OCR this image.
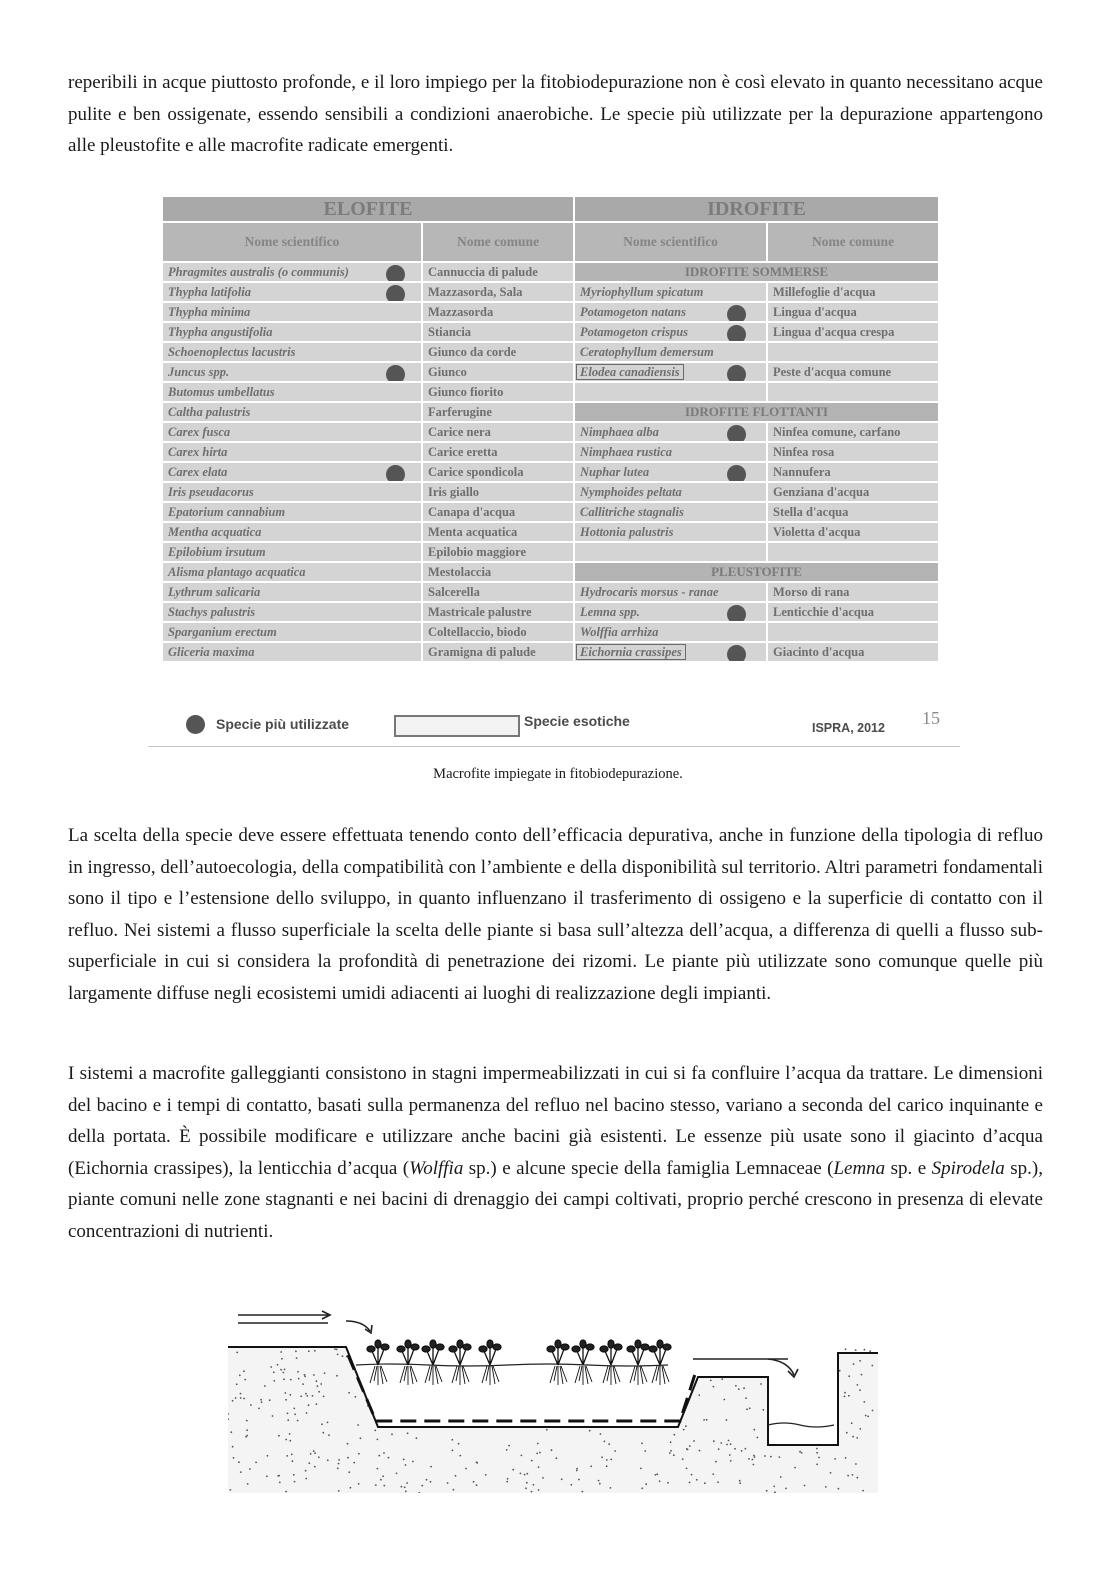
reperibili in acque piuttosto profonde, e il loro impiego per la fitobiodepurazione non è così elevato in quanto necessitano acque pulite e ben ossigenate, essendo sensibili a condizioni anaerobiche. Le specie più utilizzate per la depurazione appartengono alle pleustofite e alle macrofite radicate emergenti.

ELOFITE		IDROFITE	
Nome scientifico	Nome comune	Nome scientifico	Nome comune
Phragmites australis (o communis)	Cannuccia di palude	IDROFITE SOMMERSE	
Thypha latifolia	Mazzasorda, Sala	Myriophyllum spicatum	Millefoglie d'acqua
Thypha minima	Mazzasorda	Potamogeton natans	Lingua d'acqua
Thypha angustifolia	Stiancia	Potamogeton crispus	Lingua d'acqua crespa
Schoenoplectus lacustris	Giunco da corde	Ceratophyllum demersum	
Juncus spp.	Giunco	Elodea canadiensis	Peste d'acqua comune
Butomus umbellatus	Giunco fiorito		
Caltha palustris	Farferugine	IDROFITE FLOTTANTI	
Carex fusca	Carice nera	Nimphaea alba	Ninfea comune, carfano
Carex hirta	Carice eretta	Nimphaea rustica	Ninfea rosa
Carex elata	Carice spondicola	Nuphar lutea	Nannufera
Iris pseudacorus	Iris giallo	Nymphoides peltata	Genziana d'acqua
Epatorium cannabium	Canapa d'acqua	Callitriche stagnalis	Stella d'acqua
Mentha acquatica	Menta acquatica	Hottonia palustris	Violetta d'acqua
Epilobium irsutum	Epilobio maggiore		
Alisma plantago acquatica	Mestolaccia	PLEUSTOFITE	
Lythrum salicaria	Salcerella	Hydrocaris morsus - ranae	Morso di rana
Stachys palustris	Mastricale palustre	Lemna spp.	Lenticchie d'acqua
Sparganium erectum	Coltellaccio, biodo	Wolffia arrhiza	
Gliceria maxima	Gramigna di palude	Eichornia crassipes	Giacinto d'acqua
Specie più utilizzate	Specie esotiche	ISPRA, 2012 15
Macrofite impiegate in fitobiodepurazione.

La scelta della specie deve essere effettuata tenendo conto dell’efficacia depurativa, anche in funzione della tipologia di refluo in ingresso, dell’autoecologia, della compatibilità con l’ambiente e della disponibilità sul territorio. Altri parametri fondamentali sono il tipo e l’estensione dello sviluppo, in quanto influenzano il trasferimento di ossigeno e la superficie di contatto con il refluo. Nei sistemi a flusso superficiale la scelta delle piante si basa sull’altezza dell’acqua, a differenza di quelli a flusso sub-superficiale in cui si considera la profondità di penetrazione dei rizomi. Le piante più utilizzate sono comunque quelle più largamente diffuse negli ecosistemi umidi adiacenti ai luoghi di realizzazione degli impianti.

I sistemi a macrofite galleggianti consistono in stagni impermeabilizzati in cui si fa confluire l’acqua da trattare. Le dimensioni del bacino e i tempi di contatto, basati sulla permanenza del refluo nel bacino stesso, variano a seconda del carico inquinante e della portata. È possibile modificare e utilizzare anche bacini già esistenti. Le essenze più usate sono il giacinto d’acqua (Eichornia crassipes), la lenticchia d’acqua (Wolffia sp.) e alcune specie della famiglia Lemnaceae (Lemna sp. e Spirodela sp.), piante comuni nelle zone stagnanti e nei bacini di drenaggio dei campi coltivati, proprio perché crescono in presenza di elevate concentrazioni di nutrienti.
